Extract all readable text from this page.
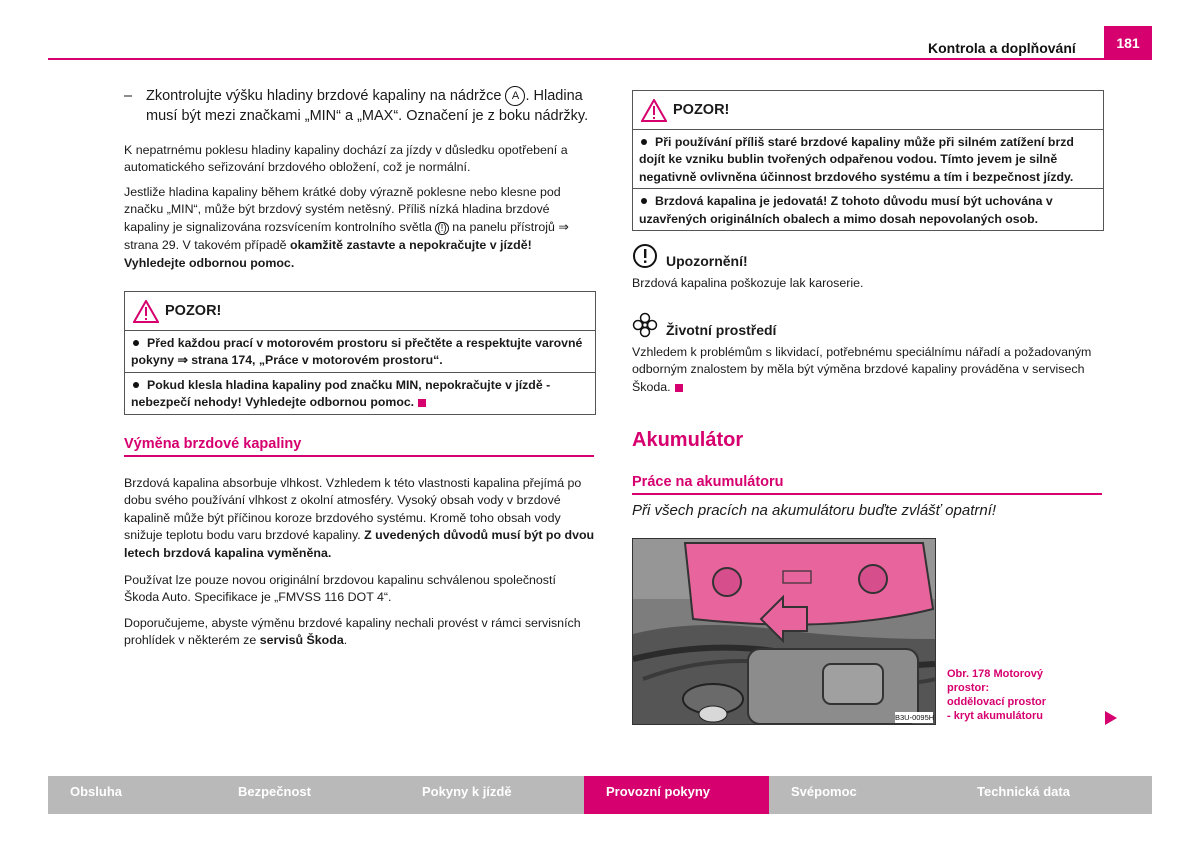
Kontrola a doplňování	181
– Zkontrolujte výšku hladiny brzdové kapaliny na nádržce A . Hladina musí být mezi značkami „MIN“ a „MAX“. Označení je z boku nádržky.

K nepatrnému poklesu hladiny kapaliny dochází za jízdy v důsledku opotřebení a automatického seřizování brzdového obložení, což je normální.

Jestliže hladina kapaliny během krátké doby výrazně poklesne nebo klesne pod značku „MIN“, může být brzdový systém netěsný. Příliš nízká hladina brzdové kapaliny je signalizována rozsvícením kontrolního světla (!) na panelu přístrojů ⇒ strana 29. V takovém případě okamžitě zastavte a nepokračujte v jízdě! Vyhledejte odbornou pomoc.

POZOR!
Před každou prací v motorovém prostoru si přečtěte a respektujte varovné pokyny ⇒ strana 174, „Práce v motorovém prostoru“.
Pokud klesla hladina kapaliny pod značku MIN, nepokračujte v jízdě - nebezpečí nehody! Vyhledejte odbornou pomoc.
Výměna brzdové kapaliny

Brzdová kapalina absorbuje vlhkost. Vzhledem k této vlastnosti kapalina přejímá po dobu svého používání vlhkost z okolní atmosféry. Vysoký obsah vody v brzdové kapalině může být příčinou koroze brzdového systému. Kromě toho obsah vody snižuje teplotu bodu varu brzdové kapaliny. Z uvedených důvodů musí být po dvou letech brzdová kapalina vyměněna.

Používat lze pouze novou originální brzdovou kapalinu schválenou společností Škoda Auto. Specifikace je „FMVSS 116 DOT 4“.

Doporučujeme, abyste výměnu brzdové kapaliny nechali provést v rámci servisních prohlídek v některém ze servisů Škoda.

POZOR!
Při používání příliš staré brzdové kapaliny může při silném zatížení brzd dojít ke vzniku bublin tvořených odpařenou vodou. Tímto jevem je silně negativně ovlivněna účinnost brzdového systému a tím i bezpečnost jízdy.
Brzdová kapalina je jedovatá! Z tohoto důvodu musí být uchována v uzavřených originálních obalech a mimo dosah nepovolaných osob.
Upozornění!

Brzdová kapalina poškozuje lak karoserie.

Životní prostředí

Vzhledem k problémům s likvidací, potřebnému speciálnímu nářadí a požadovaným odborným znalostem by měla být výměna brzdové kapaliny prováděna v servisech Škoda.

Akumulátor
Práce na akumulátoru

Při všech pracích na akumulátoru buďte zvlášť opatrní!

B3U-0095H
Obr. 178 Motorový prostor: oddělovací prostor - kryt akumulátoru
Obsluha	Bezpečnost	Pokyny k jízdě	Provozní pokyny	Svépomoc	Technická data
